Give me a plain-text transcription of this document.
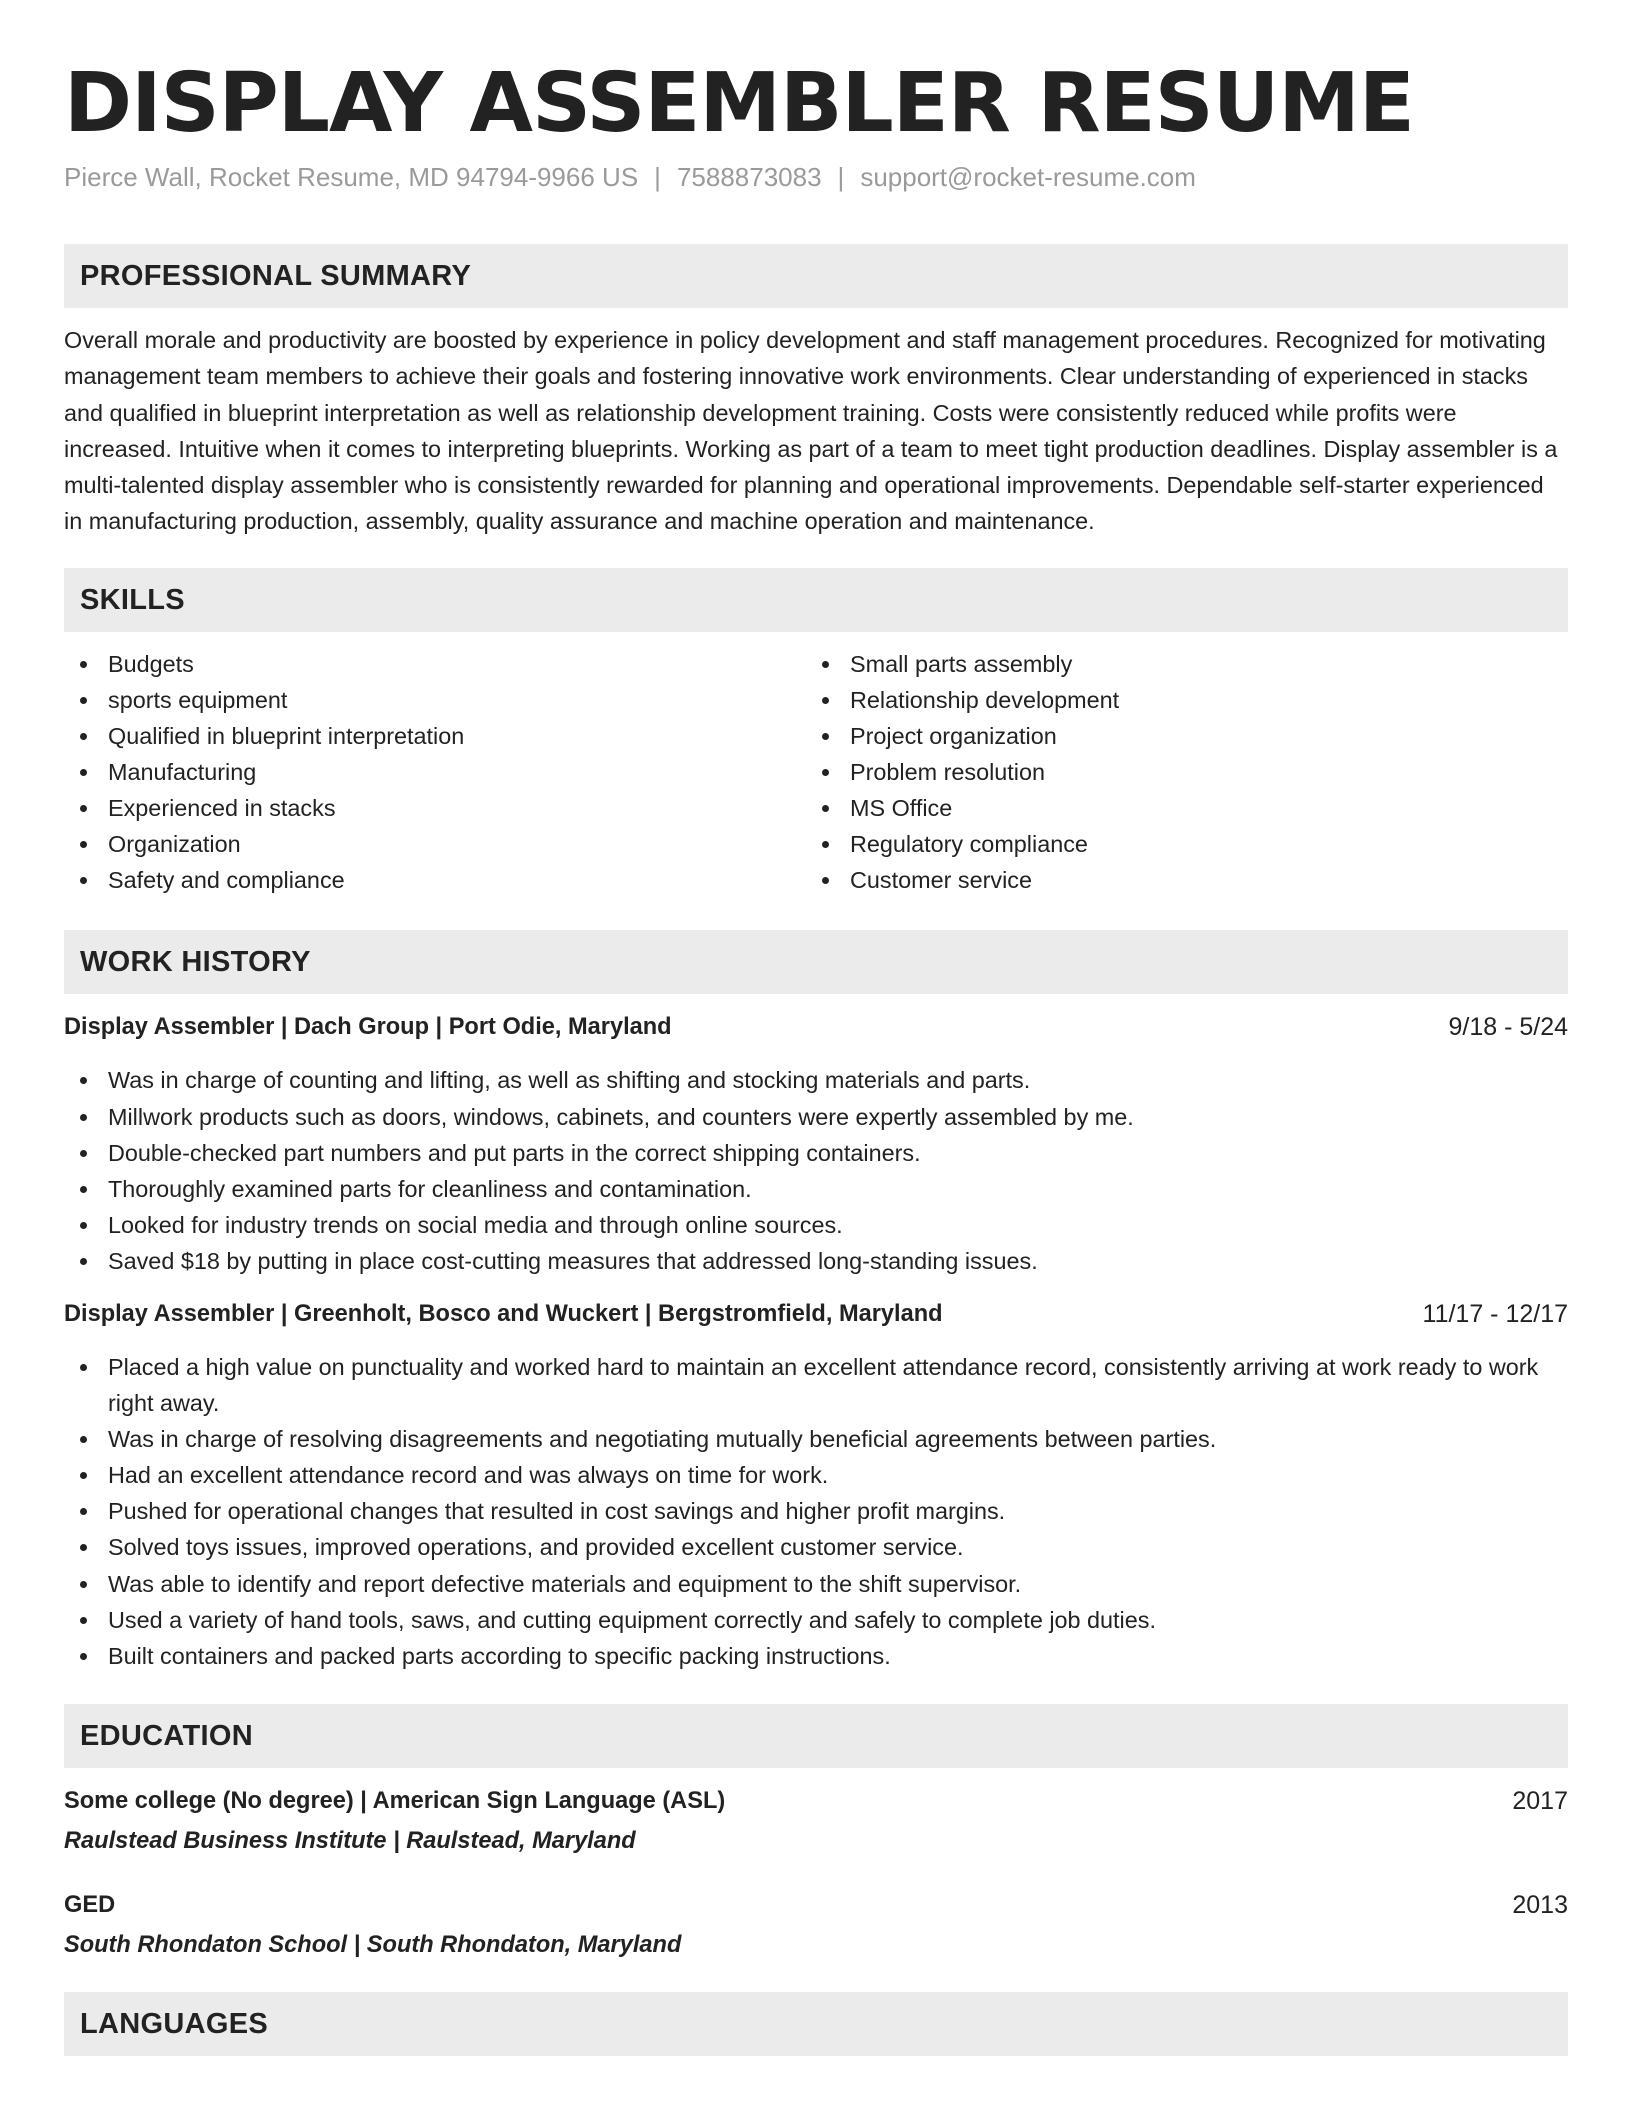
DISPLAY ASSEMBLER RESUME
Pierce Wall, Rocket Resume, MD 94794-9966 US | 7588873083 | support@rocket-resume.com
PROFESSIONAL SUMMARY
Overall morale and productivity are boosted by experience in policy development and staff management procedures. Recognized for motivating management team members to achieve their goals and fostering innovative work environments. Clear understanding of experienced in stacks and qualified in blueprint interpretation as well as relationship development training. Costs were consistently reduced while profits were increased. Intuitive when it comes to interpreting blueprints. Working as part of a team to meet tight production deadlines. Display assembler is a multi-talented display assembler who is consistently rewarded for planning and operational improvements. Dependable self-starter experienced in manufacturing production, assembly, quality assurance and machine operation and maintenance.
SKILLS
Budgets
sports equipment
Qualified in blueprint interpretation
Manufacturing
Experienced in stacks
Organization
Safety and compliance
Small parts assembly
Relationship development
Project organization
Problem resolution
MS Office
Regulatory compliance
Customer service
WORK HISTORY
Display Assembler | Dach Group | Port Odie, Maryland	9/18 - 5/24
Was in charge of counting and lifting, as well as shifting and stocking materials and parts.
Millwork products such as doors, windows, cabinets, and counters were expertly assembled by me.
Double-checked part numbers and put parts in the correct shipping containers.
Thoroughly examined parts for cleanliness and contamination.
Looked for industry trends on social media and through online sources.
Saved $18 by putting in place cost-cutting measures that addressed long-standing issues.
Display Assembler | Greenholt, Bosco and Wuckert | Bergstromfield, Maryland	11/17 - 12/17
Placed a high value on punctuality and worked hard to maintain an excellent attendance record, consistently arriving at work ready to work right away.
Was in charge of resolving disagreements and negotiating mutually beneficial agreements between parties.
Had an excellent attendance record and was always on time for work.
Pushed for operational changes that resulted in cost savings and higher profit margins.
Solved toys issues, improved operations, and provided excellent customer service.
Was able to identify and report defective materials and equipment to the shift supervisor.
Used a variety of hand tools, saws, and cutting equipment correctly and safely to complete job duties.
Built containers and packed parts according to specific packing instructions.
EDUCATION
Some college (No degree) | American Sign Language (ASL)	2017
Raulstead Business Institute | Raulstead, Maryland
GED	2013
South Rhondaton School | South Rhondaton, Maryland
LANGUAGES
